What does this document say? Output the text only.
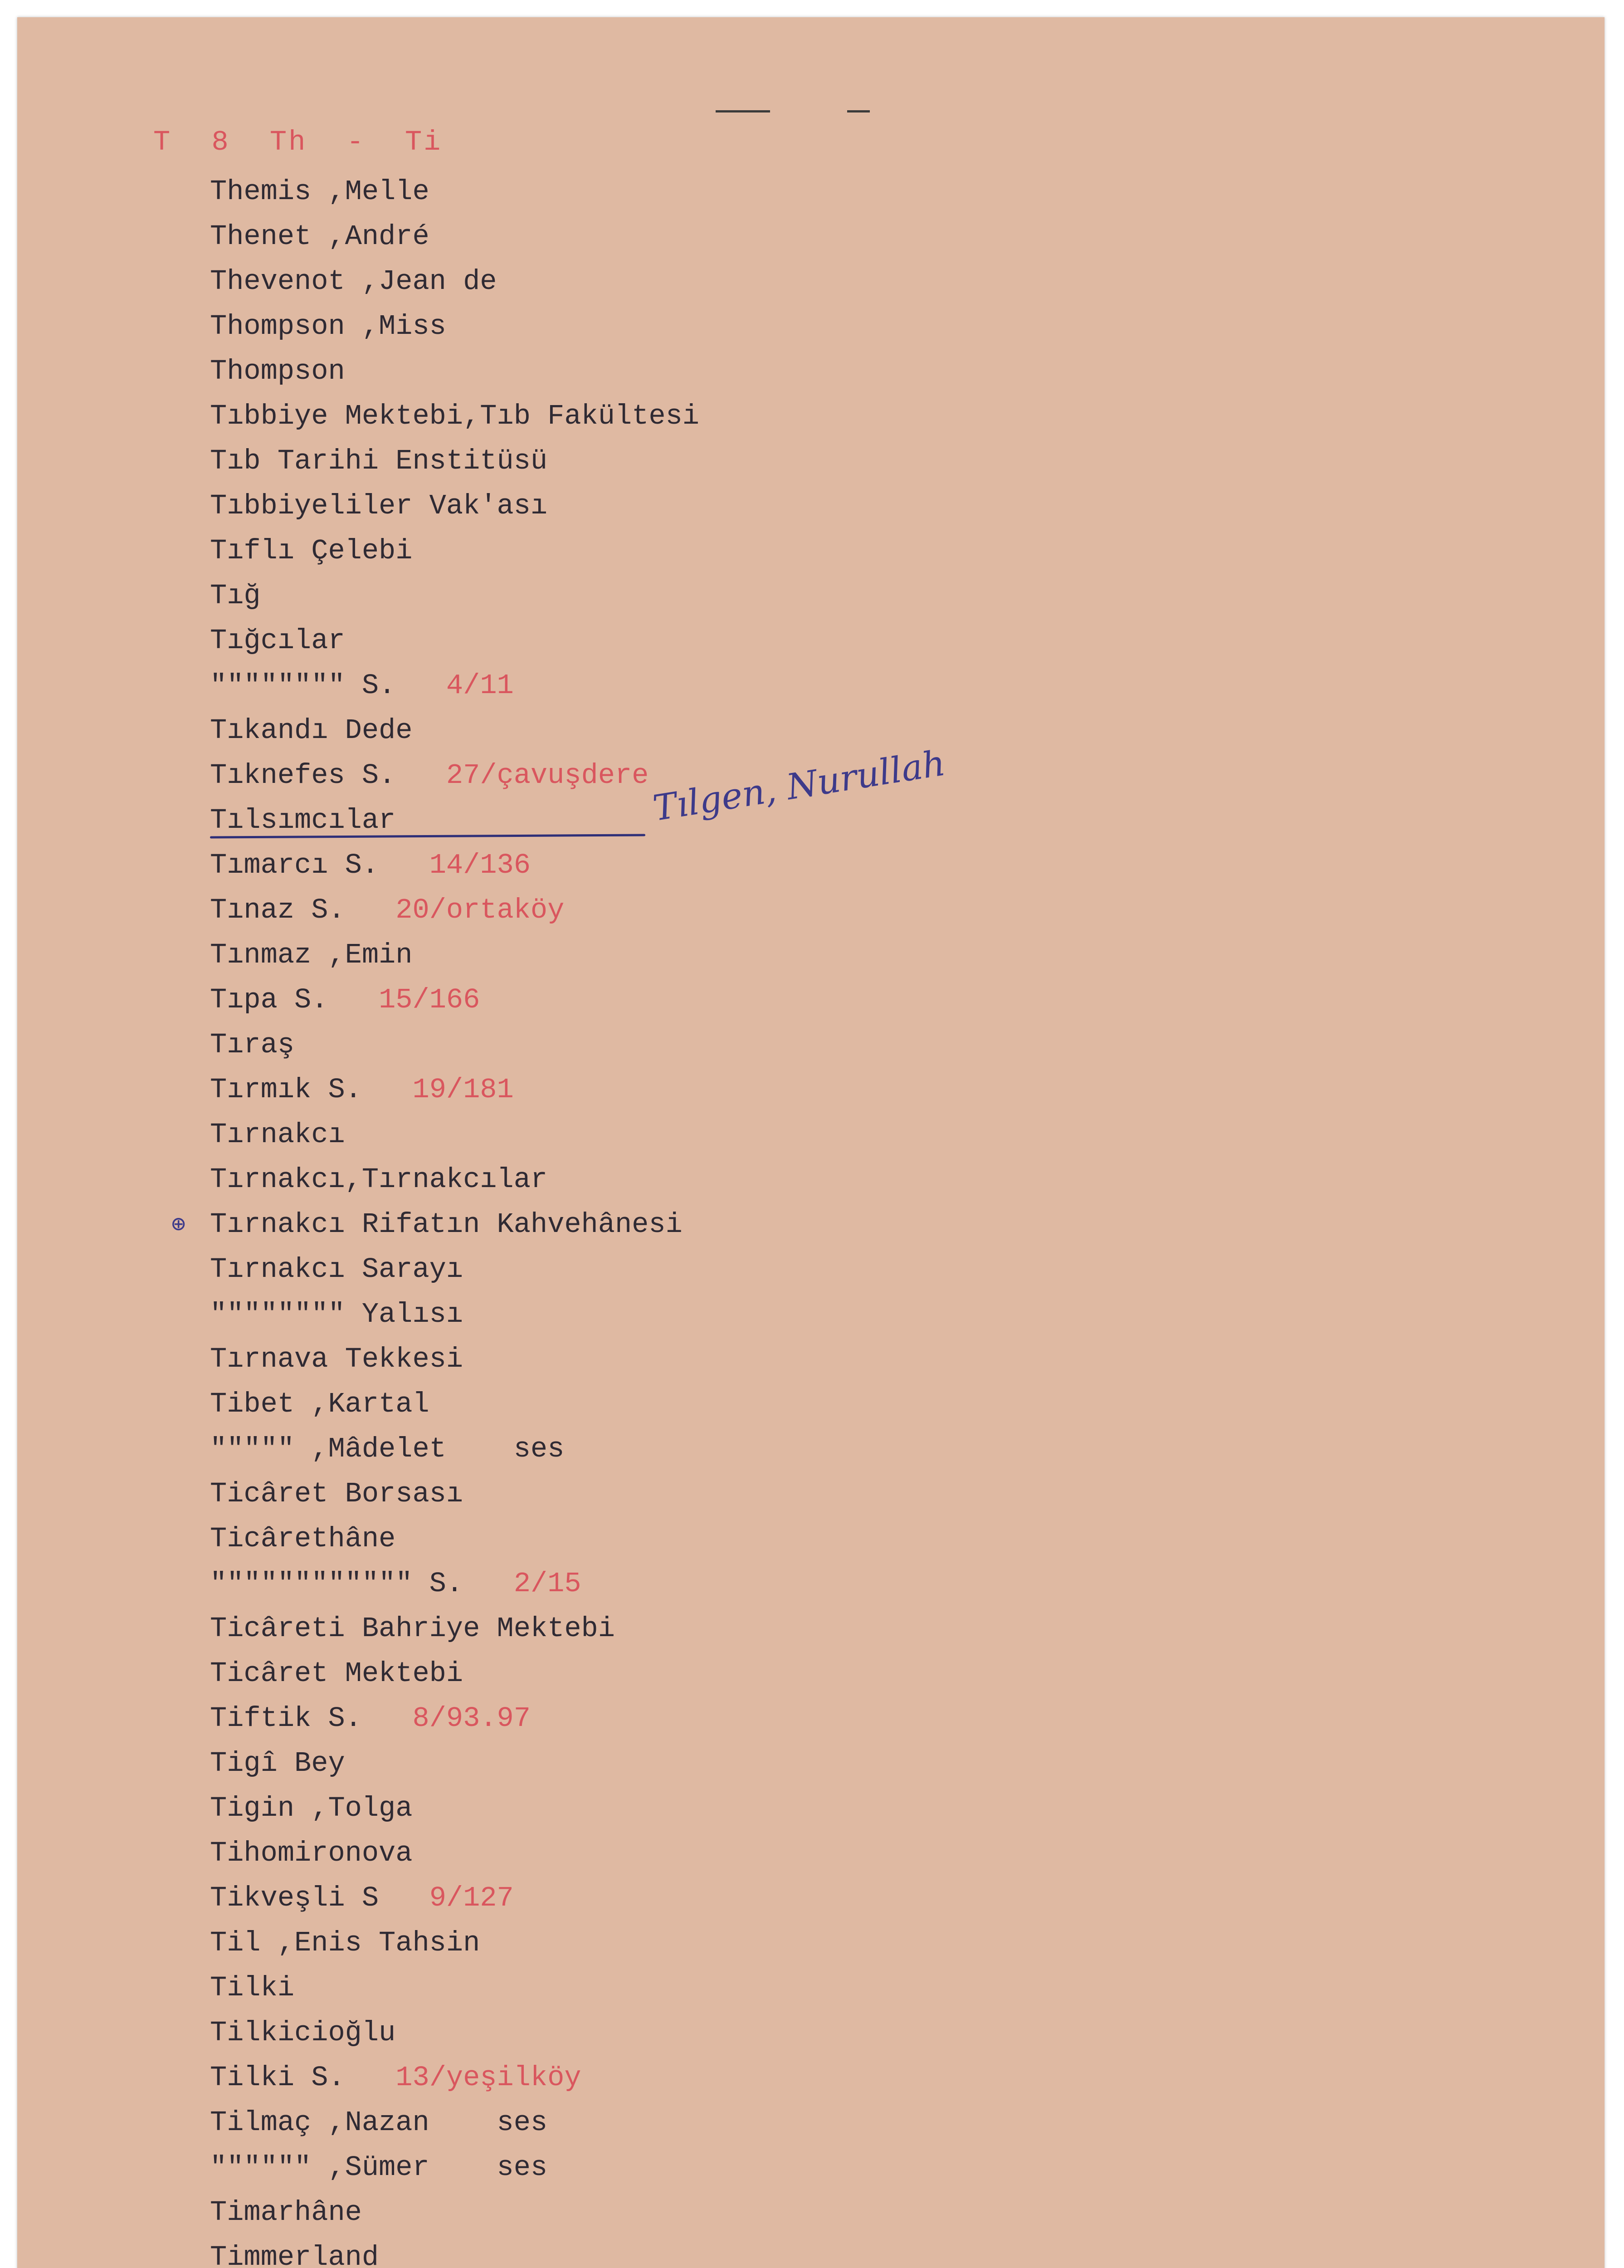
T 8 Th - Ti
Themis ,Melle
Thenet ,André
Thevenot ,Jean de
Thompson ,Miss
Thompson
Tıbbiye Mektebi,Tıb Fakültesi
Tıb Tarihi Enstitüsü
Tıbbiyeliler Vak'ası
Tıflı Çelebi
Tığ
Tığcılar
"""""""" S. 4/11
Tıkandı Dede
Tıknefes S. 27/çavuşdere
Tılsımcılar
Tımarcı S. 14/136
Tınaz S. 20/ortaköy
Tınmaz ,Emin
Tıpa S. 15/166
Tıraş
Tırmık S. 19/181
Tırnakcı
Tırnakcı,Tırnakcılar
Tırnakcı Rifatın Kahvehânesi
Tırnakcı Sarayı
"""""""" Yalısı
Tırnava Tekkesi
Tibet ,Kartal
""""" ,Mâdelet ses
Ticâret Borsası
Ticârethâne
"""""""""""" S. 2/15
Ticâreti Bahriye Mektebi
Ticâret Mektebi
Tiftik S. 8/93.97
Tigî Bey
Tigin ,Tolga
Tihomironova
Tikveşli S 9/127
Til ,Enis Tahsin
Tilki
Tilkicioğlu
Tilki S. 13/yeşilköy
Tilmaç ,Nazan ses
"""""" ,Sümer ses
Timarhâne
Timmerland
Tılgen, Nurullah
⊕
